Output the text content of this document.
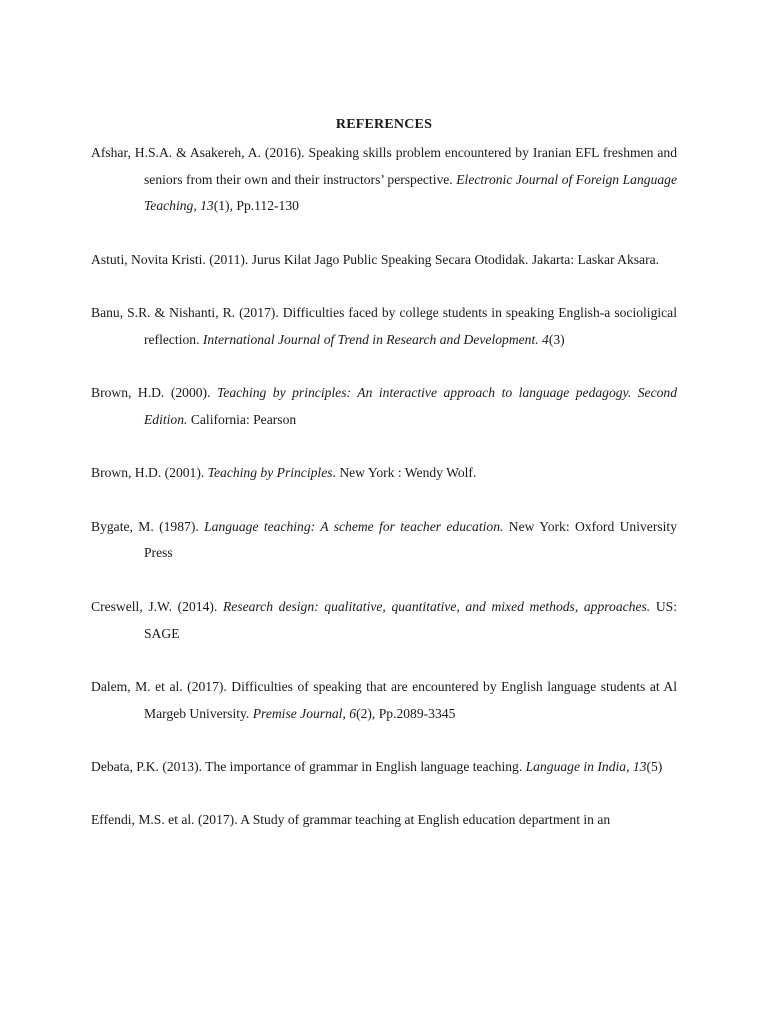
REFERENCES

Afshar, H.S.A. & Asakereh, A. (2016). Speaking skills problem encountered by Iranian EFL freshmen and seniors from their own and their instructors’ perspective. Electronic Journal of Foreign Language Teaching, 13(1), Pp.112-130

Astuti, Novita Kristi. (2011). Jurus Kilat Jago Public Speaking Secara Otodidak. Jakarta: Laskar Aksara.

Banu, S.R. & Nishanti, R. (2017). Difficulties faced by college students in speaking English-a socioligical reflection. International Journal of Trend in Research and Development. 4(3)

Brown, H.D. (2000). Teaching by principles: An interactive approach to language pedagogy. Second Edition. California: Pearson

Brown, H.D. (2001). Teaching by Principles. New York : Wendy Wolf.

Bygate, M. (1987). Language teaching: A scheme for teacher education. New York: Oxford University Press

Creswell, J.W. (2014). Research design: qualitative, quantitative, and mixed methods, approaches. US: SAGE

Dalem, M. et al. (2017). Difficulties of speaking that are encountered by English language students at Al Margeb University. Premise Journal, 6(2), Pp.2089-3345

Debata, P.K. (2013). The importance of grammar in English language teaching. Language in India, 13(5)

Effendi, M.S. et al. (2017). A Study of grammar teaching at English education department in an
